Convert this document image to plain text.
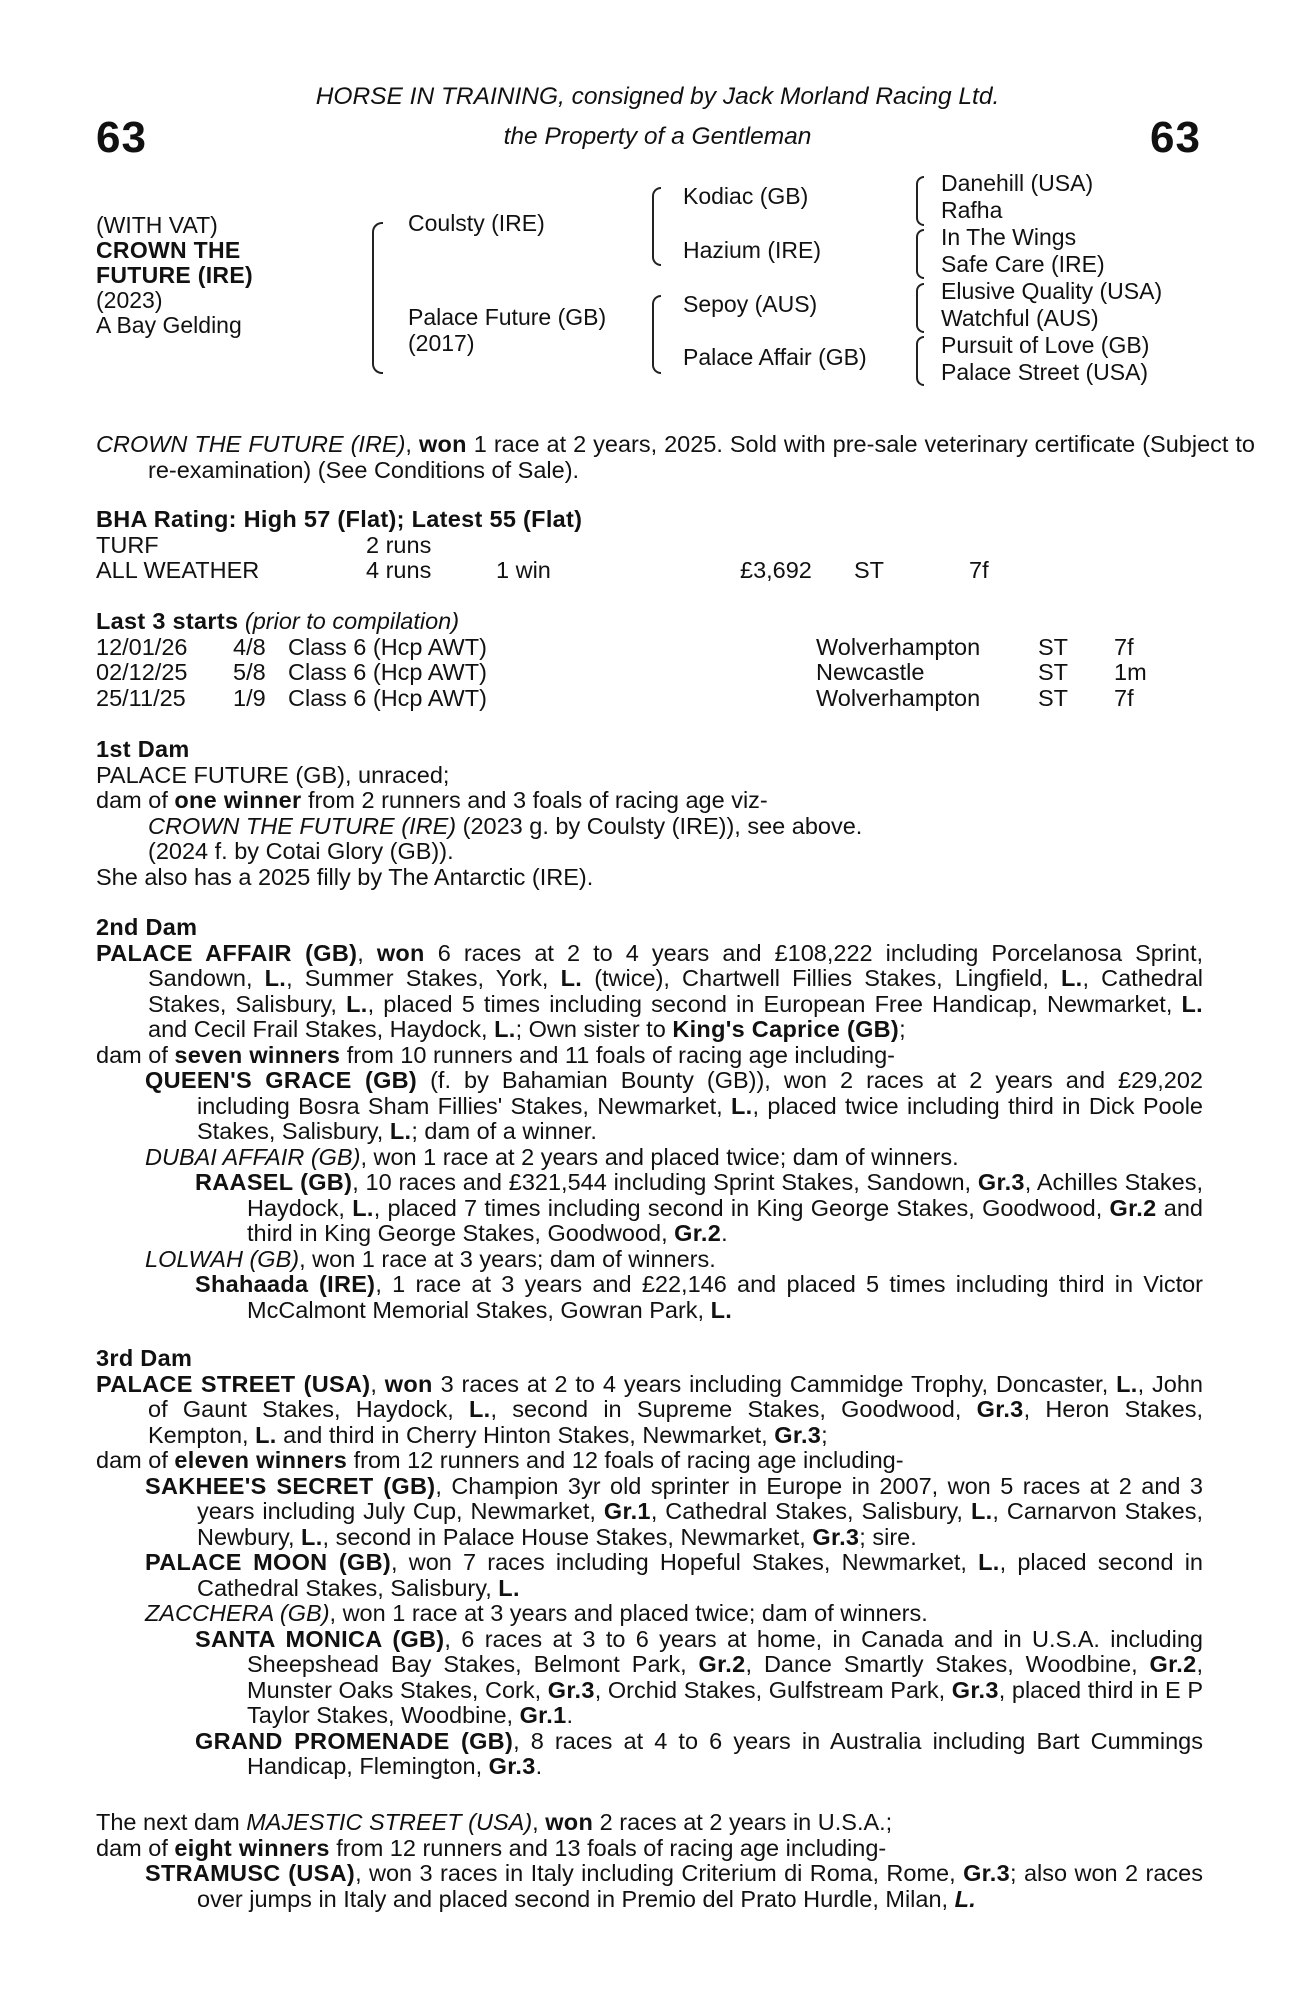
63	63
HORSE IN TRAINING, consigned by Jack Morland Racing Ltd.
the Property of a Gentleman
(WITH VAT)
CROWN THE
FUTURE (IRE)
(2023)
A Bay Gelding
Coulsty (IRE)
Palace Future (GB)
(2017)
Kodiac (GB)
Hazium (IRE)
Sepoy (AUS)
Palace Affair (GB)
Danehill (USA)
Rafha
In The Wings
Safe Care (IRE)
Elusive Quality (USA)
Watchful (AUS)
Pursuit of Love (GB)
Palace Street (USA)
CROWN THE FUTURE (IRE), won 1 race at 2 years, 2025. Sold with pre-sale veterinary certificate (Subject to re-examination) (See Conditions of Sale).
BHA Rating: High 57 (Flat); Latest 55 (Flat)
TURF	2 runs
ALL WEATHER	4 runs	1 win	£3,692 ST	7f
Last 3 starts (prior to compilation)
12/01/26 4/8 Class 6 (Hcp AWT)	Wolverhampton ST 7f
02/12/25 5/8 Class 6 (Hcp AWT)	Newcastle	ST 1m
25/11/25 1/9 Class 6 (Hcp AWT)	Wolverhampton ST 7f
1st Dam
PALACE FUTURE (GB), unraced;
dam of one winner from 2 runners and 3 foals of racing age viz-
CROWN THE FUTURE (IRE) (2023 g. by Coulsty (IRE)), see above.
(2024 f. by Cotai Glory (GB)).
She also has a 2025 filly by The Antarctic (IRE).
2nd Dam

PALACE AFFAIR (GB), won 6 races at 2 to 4 years and £108,222 including Porcelanosa Sprint, Sandown, L., Summer Stakes, York, L. (twice), Chartwell Fillies Stakes, Lingfield, L., Cathedral Stakes, Salisbury, L., placed 5 times including second in European Free Handicap, Newmarket, L. and Cecil Frail Stakes, Haydock, L.; Own sister to King's Caprice (GB);

dam of seven winners from 10 runners and 11 foals of racing age including-

QUEEN'S GRACE (GB) (f. by Bahamian Bounty (GB)), won 2 races at 2 years and £29,202 including Bosra Sham Fillies' Stakes, Newmarket, L., placed twice including third in Dick Poole Stakes, Salisbury, L.; dam of a winner.

DUBAI AFFAIR (GB), won 1 race at 2 years and placed twice; dam of winners.

RAASEL (GB), 10 races and £321,544 including Sprint Stakes, Sandown, Gr.3, Achilles Stakes, Haydock, L., placed 7 times including second in King George Stakes, Goodwood, Gr.2 and third in King George Stakes, Goodwood, Gr.2.

LOLWAH (GB), won 1 race at 3 years; dam of winners.

Shahaada (IRE), 1 race at 3 years and £22,146 and placed 5 times including third in Victor McCalmont Memorial Stakes, Gowran Park, L.

3rd Dam

PALACE STREET (USA), won 3 races at 2 to 4 years including Cammidge Trophy, Doncaster, L., John of Gaunt Stakes, Haydock, L., second in Supreme Stakes, Goodwood, Gr.3, Heron Stakes, Kempton, L. and third in Cherry Hinton Stakes, Newmarket, Gr.3;

dam of eleven winners from 12 runners and 12 foals of racing age including-

SAKHEE'S SECRET (GB), Champion 3yr old sprinter in Europe in 2007, won 5 races at 2 and 3 years including July Cup, Newmarket, Gr.1, Cathedral Stakes, Salisbury, L., Carnarvon Stakes, Newbury, L., second in Palace House Stakes, Newmarket, Gr.3; sire.

PALACE MOON (GB), won 7 races including Hopeful Stakes, Newmarket, L., placed second in Cathedral Stakes, Salisbury, L.

ZACCHERA (GB), won 1 race at 3 years and placed twice; dam of winners.

SANTA MONICA (GB), 6 races at 3 to 6 years at home, in Canada and in U.S.A. including Sheepshead Bay Stakes, Belmont Park, Gr.2, Dance Smartly Stakes, Woodbine, Gr.2, Munster Oaks Stakes, Cork, Gr.3, Orchid Stakes, Gulfstream Park, Gr.3, placed third in E P Taylor Stakes, Woodbine, Gr.1.

GRAND PROMENADE (GB), 8 races at 4 to 6 years in Australia including Bart Cummings Handicap, Flemington, Gr.3.

The next dam MAJESTIC STREET (USA), won 2 races at 2 years in U.S.A.;
dam of eight winners from 12 runners and 13 foals of racing age including-

STRAMUSC (USA), won 3 races in Italy including Criterium di Roma, Rome, Gr.3; also won 2 races over jumps in Italy and placed second in Premio del Prato Hurdle, Milan, L.
